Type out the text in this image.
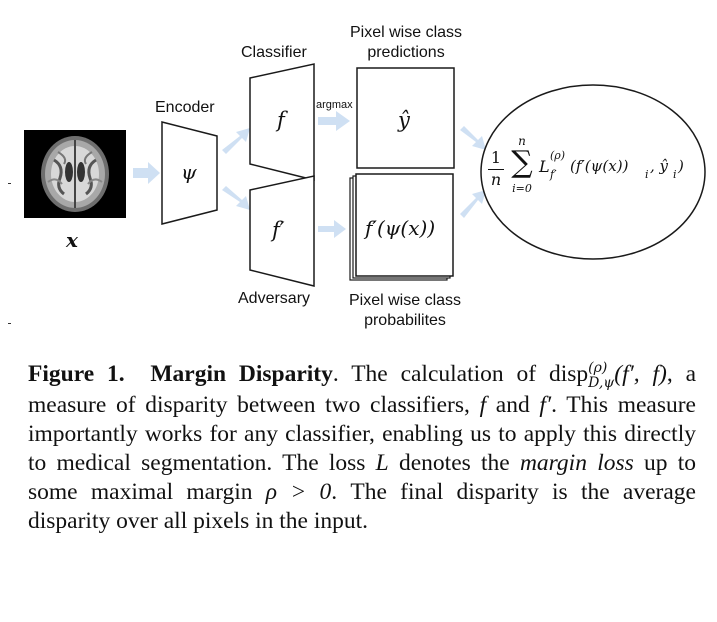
x
Encoder
ψ
Classifier
f
Adversary
f′
argmax
Pixel wise class
predictions
ŷ
Pixel wise class
probabilites
f′(ψ(x))
1
n
n
∑
i=0
L
(ρ)
f′ (f′(ψ(x)) i , ŷ i )
Figure 1. Margin Disparity. The calculation of disp (ρ)
D,ψ (f′, f), a measure of disparity between two classifiers, f and f′. This measure importantly works for any classifier, enabling us to apply this directly to medical segmentation. The loss L denotes the margin loss up to some maximal margin ρ > 0. The final disparity is the average disparity over all pixels in the input.
